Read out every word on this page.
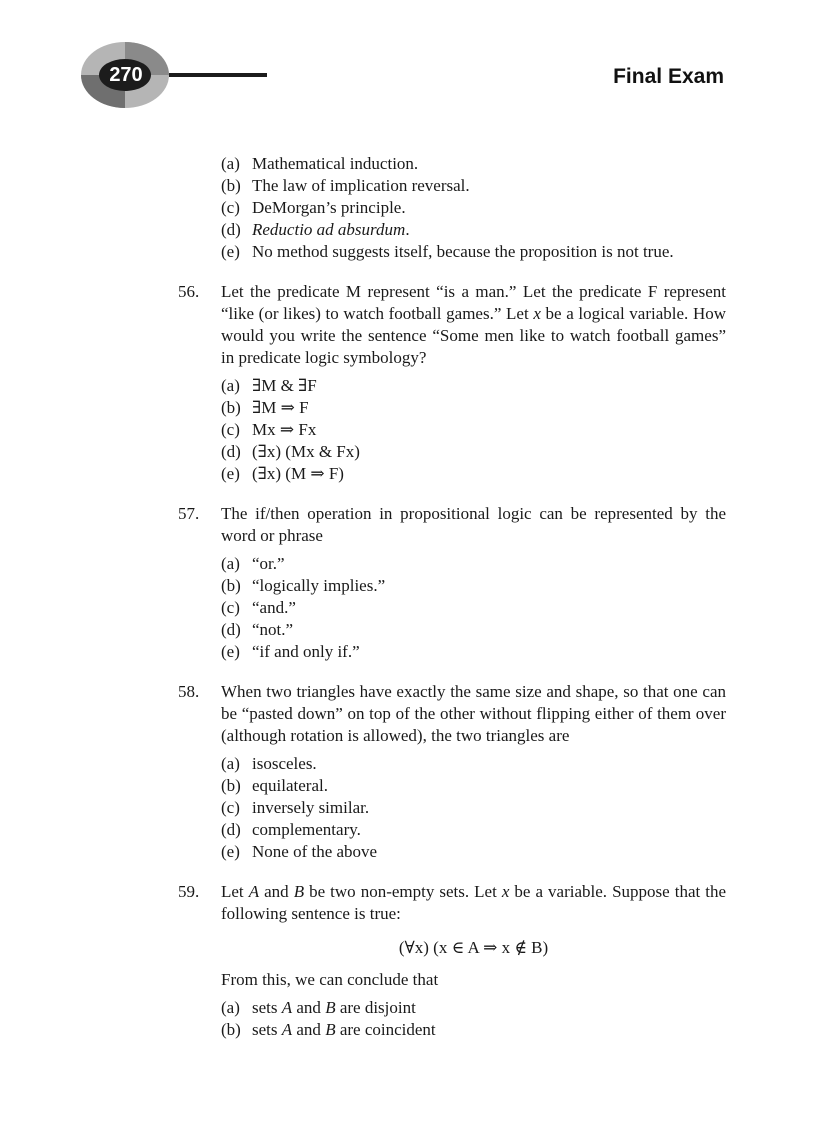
270	Final Exam
(a) Mathematical induction.
(b) The law of implication reversal.
(c) DeMorgan’s principle.
(d) Reductio ad absurdum.
(e) No method suggests itself, because the proposition is not true.
56.	Let the predicate M represent “is a man.” Let the predicate F represent “like (or likes) to watch football games.” Let x be a logical variable. How would you write the sentence “Some men like to watch football games” in predicate logic symbology?
(a) ∃M & ∃F
(b) ∃M ⇒ F
(c) Mx ⇒ Fx
(d) (∃x) (Mx & Fx)
(e) (∃x) (M ⇒ F)
57.	The if/then operation in propositional logic can be represented by the word or phrase
(a) “or.”
(b) “logically implies.”
(c) “and.”
(d) “not.”
(e) “if and only if.”
58.	When two triangles have exactly the same size and shape, so that one can be “pasted down” on top of the other without flipping either of them over (although rotation is allowed), the two triangles are
(a) isosceles.
(b) equilateral.
(c) inversely similar.
(d) complementary.
(e) None of the above
59.	Let A and B be two non-empty sets. Let x be a variable. Suppose that the following sentence is true:
(∀x) (x ∈ A ⇒ x ∉ B)
From this, we can conclude that
(a) sets A and B are disjoint
(b) sets A and B are coincident
